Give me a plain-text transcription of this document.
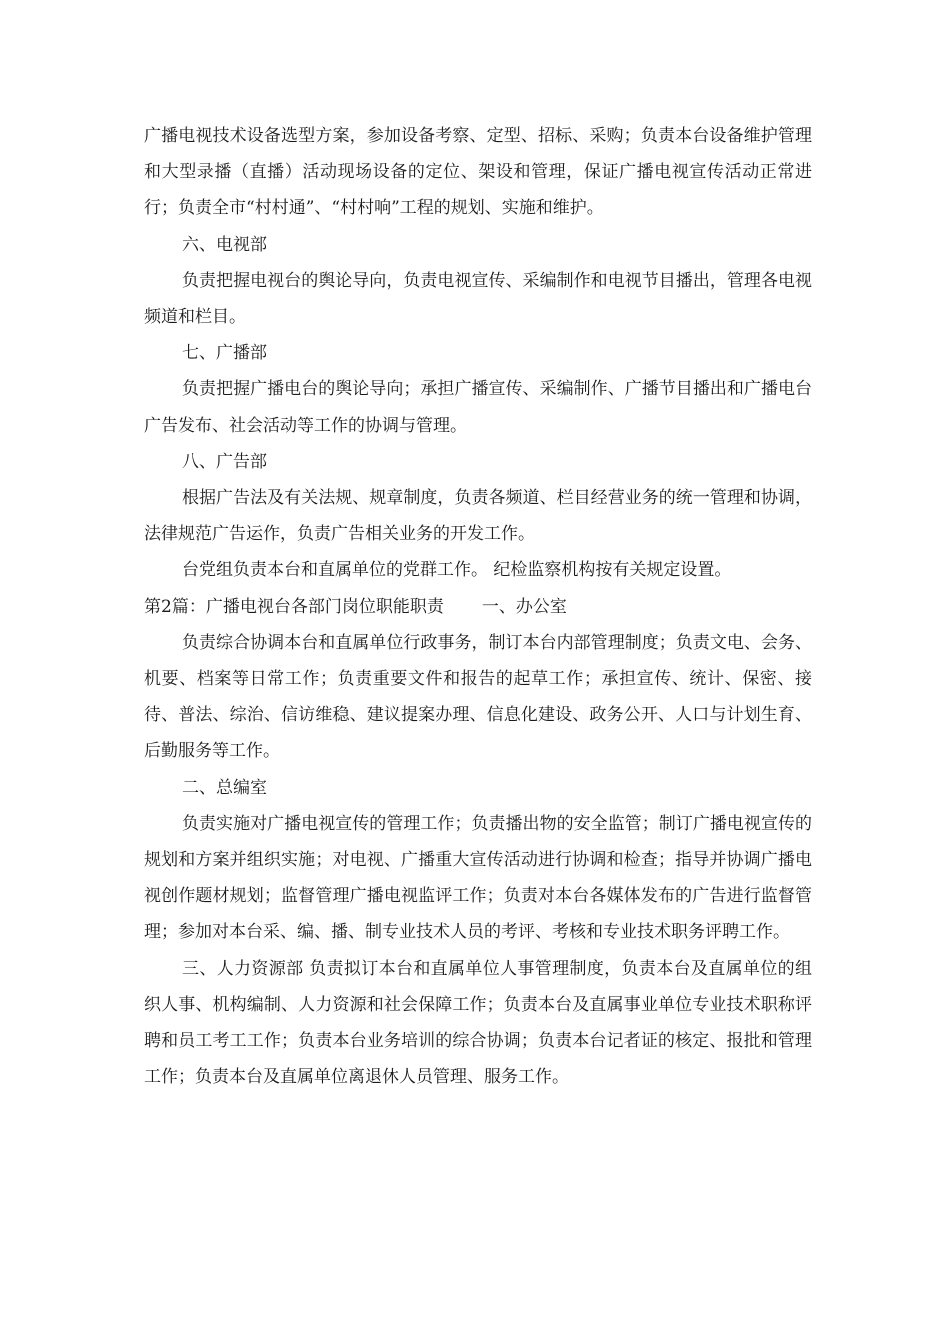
广播电视技术设备选型方案，参加设备考察、定型、招标、采购；负责本台设备维护管理和大型录播（直播）活动现场设备的定位、架设和管理，保证广播电视宣传活动正常进行；负责全市“村村通”、“村村响”工程的规划、实施和维护。

六、电视部

负责把握电视台的舆论导向，负责电视宣传、采编制作和电视节目播出，管理各电视频道和栏目。

七、广播部

负责把握广播电台的舆论导向；承担广播宣传、采编制作、广播节目播出和广播电台广告发布、社会活动等工作的协调与管理。

八、广告部

根据广告法及有关法规、规章制度，负责各频道、栏目经营业务的统一管理和协调，法律规范广告运作，负责广告相关业务的开发工作。

台党组负责本台和直属单位的党群工作。 纪检监察机构按有关规定设置。

第2篇：广播电视台各部门岗位职能职责 一、办公室

负责综合协调本台和直属单位行政事务，制订本台内部管理制度；负责文电、会务、机要、档案等日常工作；负责重要文件和报告的起草工作；承担宣传、统计、保密、接待、普法、综治、信访维稳、建议提案办理、信息化建设、政务公开、人口与计划生育、后勤服务等工作。

二、总编室

负责实施对广播电视宣传的管理工作；负责播出物的安全监管；制订广播电视宣传的规划和方案并组织实施；对电视、广播重大宣传活动进行协调和检查；指导并协调广播电视创作题材规划；监督管理广播电视监评工作；负责对本台各媒体发布的广告进行监督管理；参加对本台采、编、播、制专业技术人员的考评、考核和专业技术职务评聘工作。

三、人力资源部 负责拟订本台和直属单位人事管理制度，负责本台及直属单位的组织人事、机构编制、人力资源和社会保障工作；负责本台及直属事业单位专业技术职称评聘和员工考工工作；负责本台业务培训的综合协调；负责本台记者证的核定、报批和管理工作；负责本台及直属单位离退休人员管理、服务工作。
